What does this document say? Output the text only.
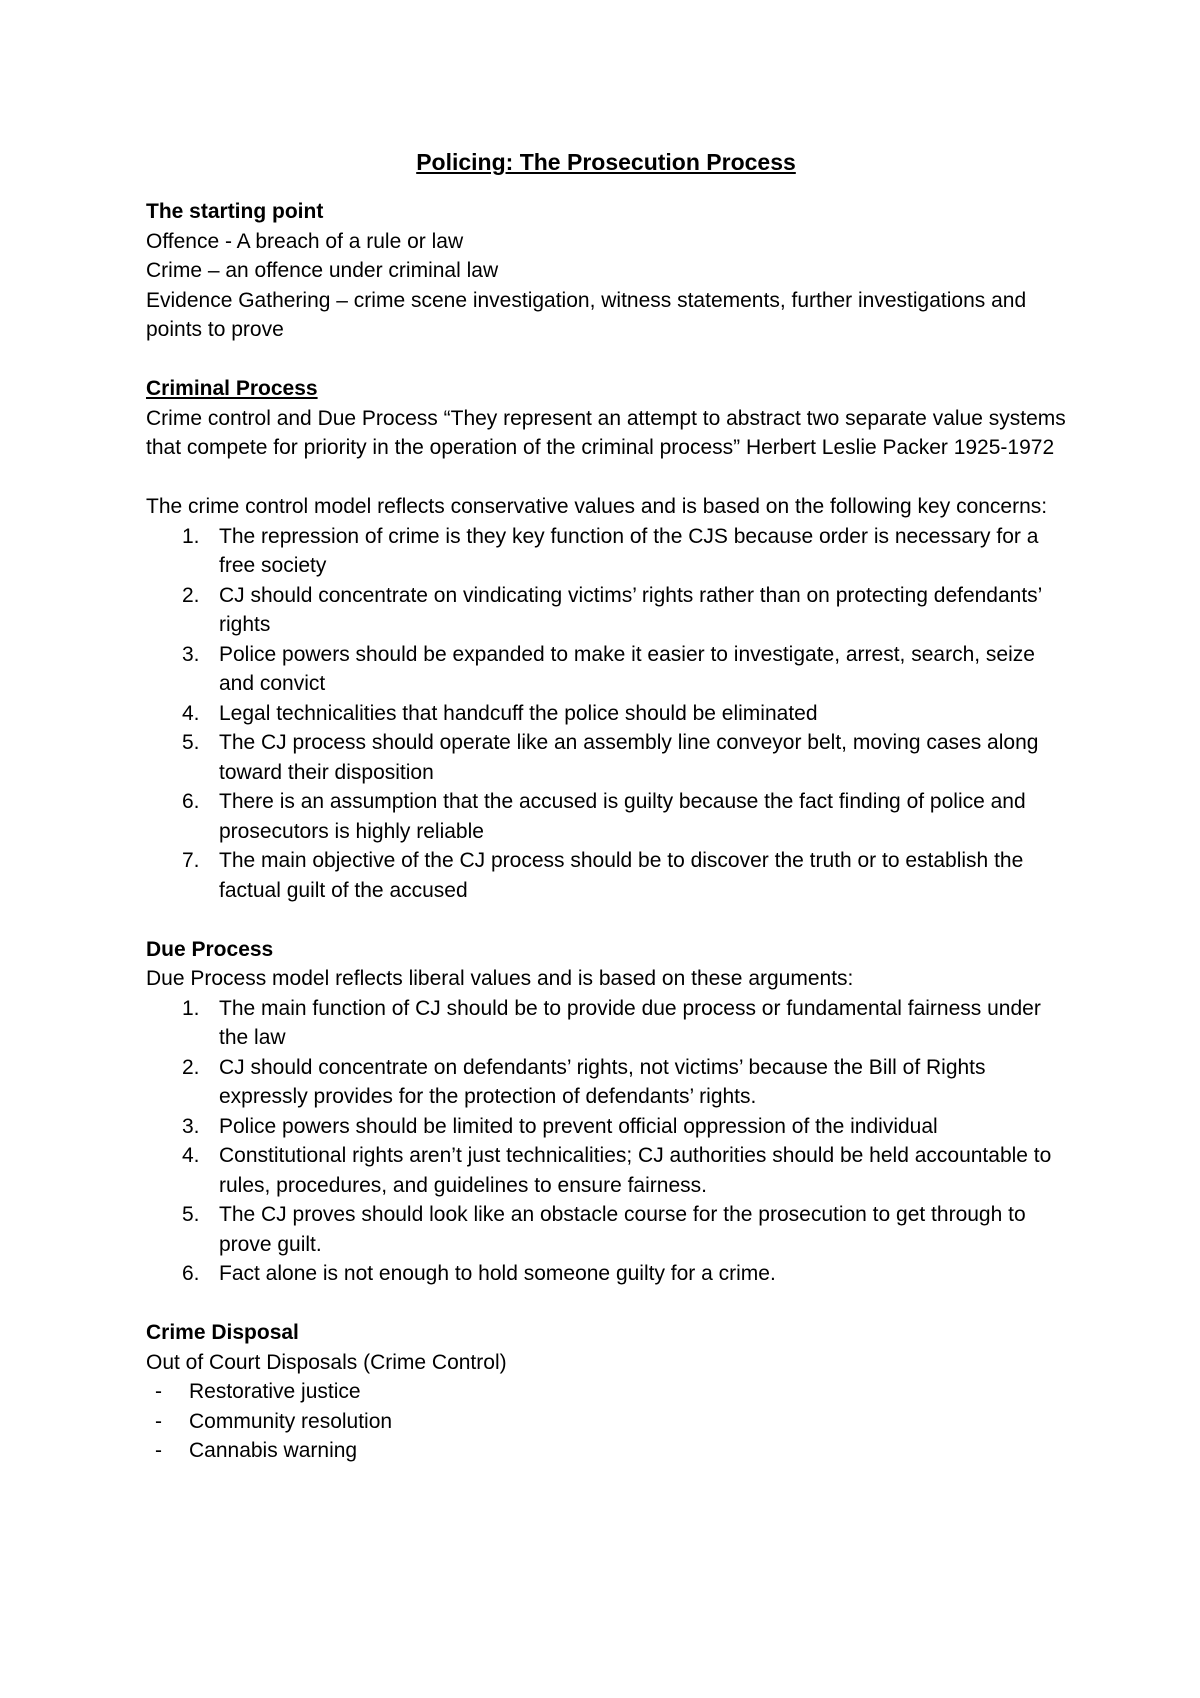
Policing: The Prosecution Process

The starting point

Offence - A breach of a rule or law

Crime – an offence under criminal law

Evidence Gathering – crime scene investigation, witness statements, further investigations and points to prove

Criminal Process

Crime control and Due Process “They represent an attempt to abstract two separate value systems that compete for priority in the operation of the criminal process” Herbert Leslie Packer 1925-1972

The crime control model reflects conservative values and is based on the following key concerns:

1. The repression of crime is they key function of the CJS because order is necessary for a free society
2. CJ should concentrate on vindicating victims’ rights rather than on protecting defendants’ rights
3. Police powers should be expanded to make it easier to investigate, arrest, search, seize and convict
4. Legal technicalities that handcuff the police should be eliminated
5. The CJ process should operate like an assembly line conveyor belt, moving cases along toward their disposition
6. There is an assumption that the accused is guilty because the fact finding of police and prosecutors is highly reliable
7. The main objective of the CJ process should be to discover the truth or to establish the factual guilt of the accused

Due Process

Due Process model reflects liberal values and is based on these arguments:

1. The main function of CJ should be to provide due process or fundamental fairness under the law
2. CJ should concentrate on defendants’ rights, not victims’ because the Bill of Rights expressly provides for the protection of defendants’ rights.
3. Police powers should be limited to prevent official oppression of the individual
4. Constitutional rights aren’t just technicalities; CJ authorities should be held accountable to rules, procedures, and guidelines to ensure fairness.
5. The CJ proves should look like an obstacle course for the prosecution to get through to prove guilt.
6. Fact alone is not enough to hold someone guilty for a crime.

Crime Disposal

Out of Court Disposals (Crime Control)

- Restorative justice
- Community resolution
- Cannabis warning
